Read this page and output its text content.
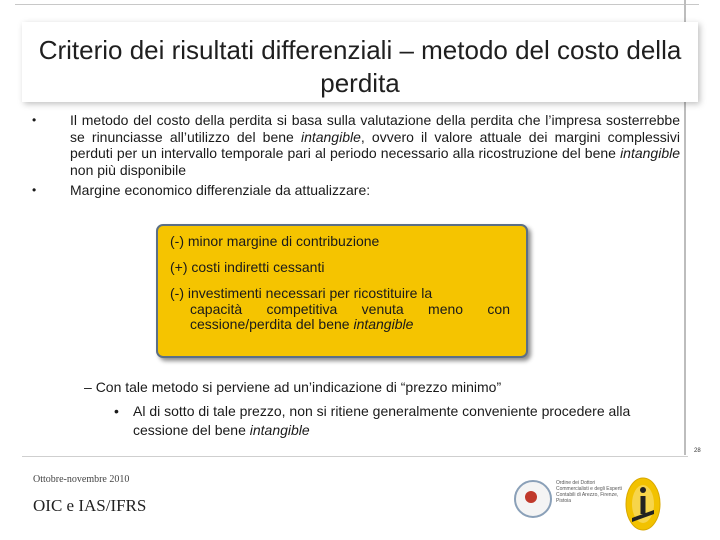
Criterio dei risultati differenziali – metodo del costo della perdita
•	Il metodo del costo della perdita si basa sulla valutazione della perdita che l’impresa sosterrebbe se rinunciasse all’utilizzo del bene intangible, ovvero il valore attuale dei margini complessivi perduti per un intervallo temporale pari al periodo necessario alla ricostruzione del bene intangible non più disponibile
•	Margine economico differenziale da attualizzare:
(-) minor margine di contribuzione
(+) costi indiretti cessanti
(-) investimenti necessari per ricostituire la
capacità competitiva venuta meno con cessione/perdita del bene intangible
– Con tale metodo si perviene ad un’indicazione di “prezzo minimo”
•	Al di sotto di tale prezzo, non si ritiene generalmente conveniente procedere alla cessione del bene intangible
28
Ottobre-novembre 2010
OIC e IAS/IFRS
Ordine dei Dottori Commercialisti e degli Esperti Contabili di Arezzo, Firenze, Pistoia
